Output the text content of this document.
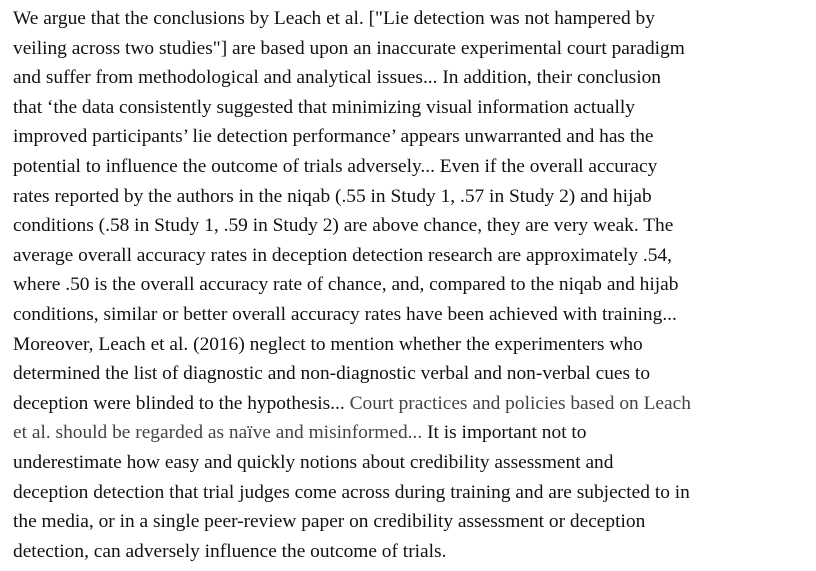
We argue that the conclusions by Leach et al. ["Lie detection was not hampered by
veiling across two studies"] are based upon an inaccurate experimental court paradigm
and suffer from methodological and analytical issues... In addition, their conclusion
that ‘the data consistently suggested that minimizing visual information actually
improved participants’ lie detection performance’ appears unwarranted and has the
potential to influence the outcome of trials adversely... Even if the overall accuracy
rates reported by the authors in the niqab (.55 in Study 1, .57 in Study 2) and hijab
conditions (.58 in Study 1, .59 in Study 2) are above chance, they are very weak. The
average overall accuracy rates in deception detection research are approximately .54,
where .50 is the overall accuracy rate of chance, and, compared to the niqab and hijab
conditions, similar or better overall accuracy rates have been achieved with training...
Moreover, Leach et al. (2016) neglect to mention whether the experimenters who
determined the list of diagnostic and non-diagnostic verbal and non-verbal cues to
deception were blinded to the hypothesis... Court practices and policies based on Leach
et al. should be regarded as naïve and misinformed... It is important not to
underestimate how easy and quickly notions about credibility assessment and
deception detection that trial judges come across during training and are subjected to in
the media, or in a single peer-review paper on credibility assessment or deception
detection, can adversely influence the outcome of trials.
